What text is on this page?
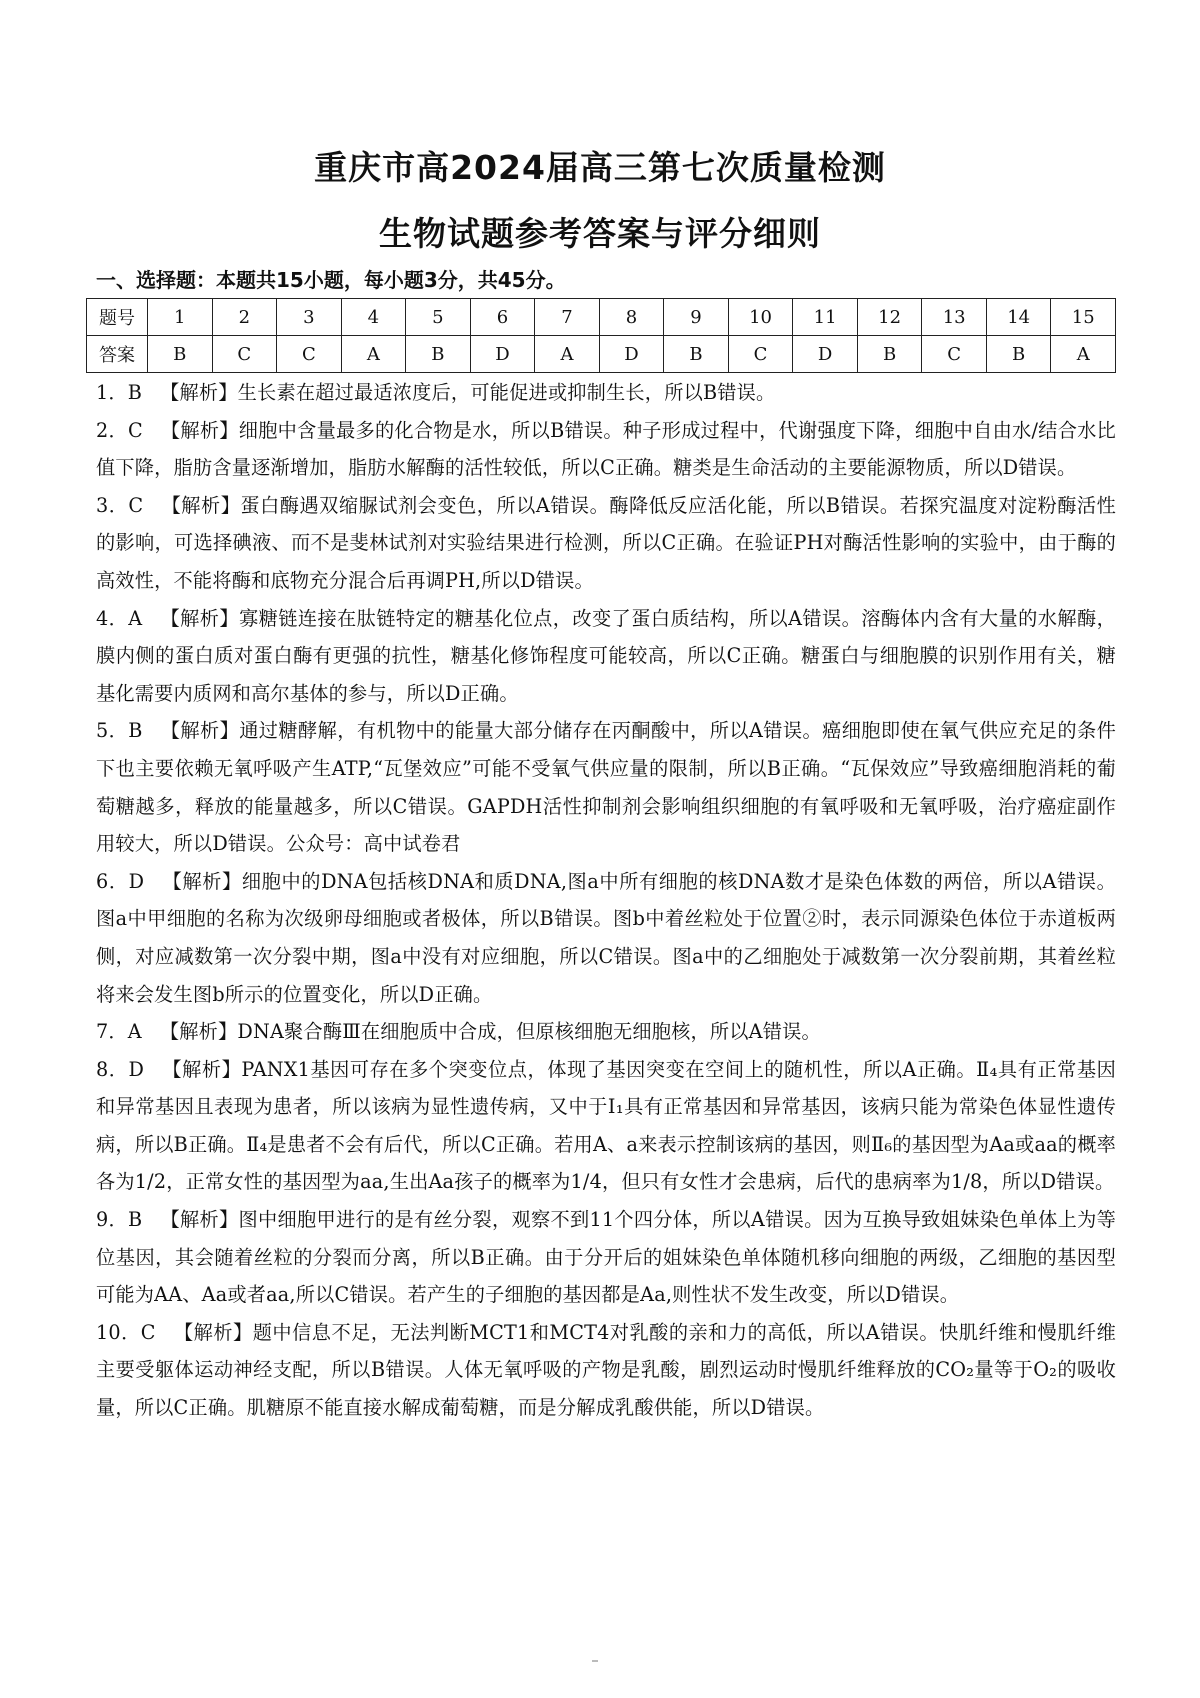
重庆市高2024届高三第七次质量检测
生物试题参考答案与评分细则
一、选择题：本题共15小题，每小题3分，共45分。
题号	1	2	3	4	5	6	7	8	9	10	11	12	13	14	15
答案	B	C	C	A	B	D	A	D	B	C	D	B	C	B	A

1．B 【解析】生长素在超过最适浓度后，可能促进或抑制生长，所以B错误。

2．C 【解析】细胞中含量最多的化合物是水，所以B错误。种子形成过程中，代谢强度下降，细胞中自由水/结合水比值下降，脂肪含量逐渐增加，脂肪水解酶的活性较低，所以C正确。糖类是生命活动的主要能源物质，所以D错误。

3．C 【解析】蛋白酶遇双缩脲试剂会变色，所以A错误。酶降低反应活化能，所以B错误。若探究温度对淀粉酶活性的影响，可选择碘液、而不是斐林试剂对实验结果进行检测，所以C正确。在验证PH对酶活性影响的实验中，由于酶的高效性，不能将酶和底物充分混合后再调PH,所以D错误。

4．A 【解析】寡糖链连接在肽链特定的糖基化位点，改变了蛋白质结构，所以A错误。溶酶体内含有大量的水解酶，膜内侧的蛋白质对蛋白酶有更强的抗性，糖基化修饰程度可能较高，所以C正确。糖蛋白与细胞膜的识别作用有关，糖基化需要内质网和高尔基体的参与，所以D正确。

5．B 【解析】通过糖酵解，有机物中的能量大部分储存在丙酮酸中，所以A错误。癌细胞即使在氧气供应充足的条件下也主要依赖无氧呼吸产生ATP,“瓦堡效应”可能不受氧气供应量的限制，所以B正确。“瓦保效应”导致癌细胞消耗的葡萄糖越多，释放的能量越多，所以C错误。GAPDH活性抑制剂会影响组织细胞的有氧呼吸和无氧呼吸，治疗癌症副作用较大，所以D错误。公众号：高中试卷君

6．D 【解析】细胞中的DNA包括核DNA和质DNA,图a中所有细胞的核DNA数才是染色体数的两倍，所以A错误。图a中甲细胞的名称为次级卵母细胞或者极体，所以B错误。图b中着丝粒处于位置②时，表示同源染色体位于赤道板两侧，对应减数第一次分裂中期，图a中没有对应细胞，所以C错误。图a中的乙细胞处于减数第一次分裂前期，其着丝粒将来会发生图b所示的位置变化，所以D正确。

7．A 【解析】DNA聚合酶Ⅲ在细胞质中合成，但原核细胞无细胞核，所以A错误。

8．D 【解析】PANX1基因可存在多个突变位点，体现了基因突变在空间上的随机性，所以A正确。Ⅱ₄具有正常基因和异常基因且表现为患者，所以该病为显性遗传病，又中于Ⅰ₁具有正常基因和异常基因，该病只能为常染色体显性遗传病，所以B正确。Ⅱ₄是患者不会有后代，所以C正确。若用A、a来表示控制该病的基因，则Ⅱ₆的基因型为Aa或aa的概率各为1/2，正常女性的基因型为aa,生出Aa孩子的概率为1/4，但只有女性才会患病，后代的患病率为1/8，所以D错误。

9．B 【解析】图中细胞甲进行的是有丝分裂，观察不到11个四分体，所以A错误。因为互换导致姐妹染色单体上为等位基因，其会随着丝粒的分裂而分离，所以B正确。由于分开后的姐妹染色单体随机移向细胞的两级，乙细胞的基因型可能为AA、Aa或者aa,所以C错误。若产生的子细胞的基因都是Aa,则性状不发生改变，所以D错误。

10．C 【解析】题中信息不足，无法判断MCT1和MCT4对乳酸的亲和力的高低，所以A错误。快肌纤维和慢肌纤维主要受躯体运动神经支配，所以B错误。人体无氧呼吸的产物是乳酸，剧烈运动时慢肌纤维释放的CO₂量等于O₂的吸收量，所以C正确。肌糖原不能直接水解成葡萄糖，而是分解成乳酸供能，所以D错误。
